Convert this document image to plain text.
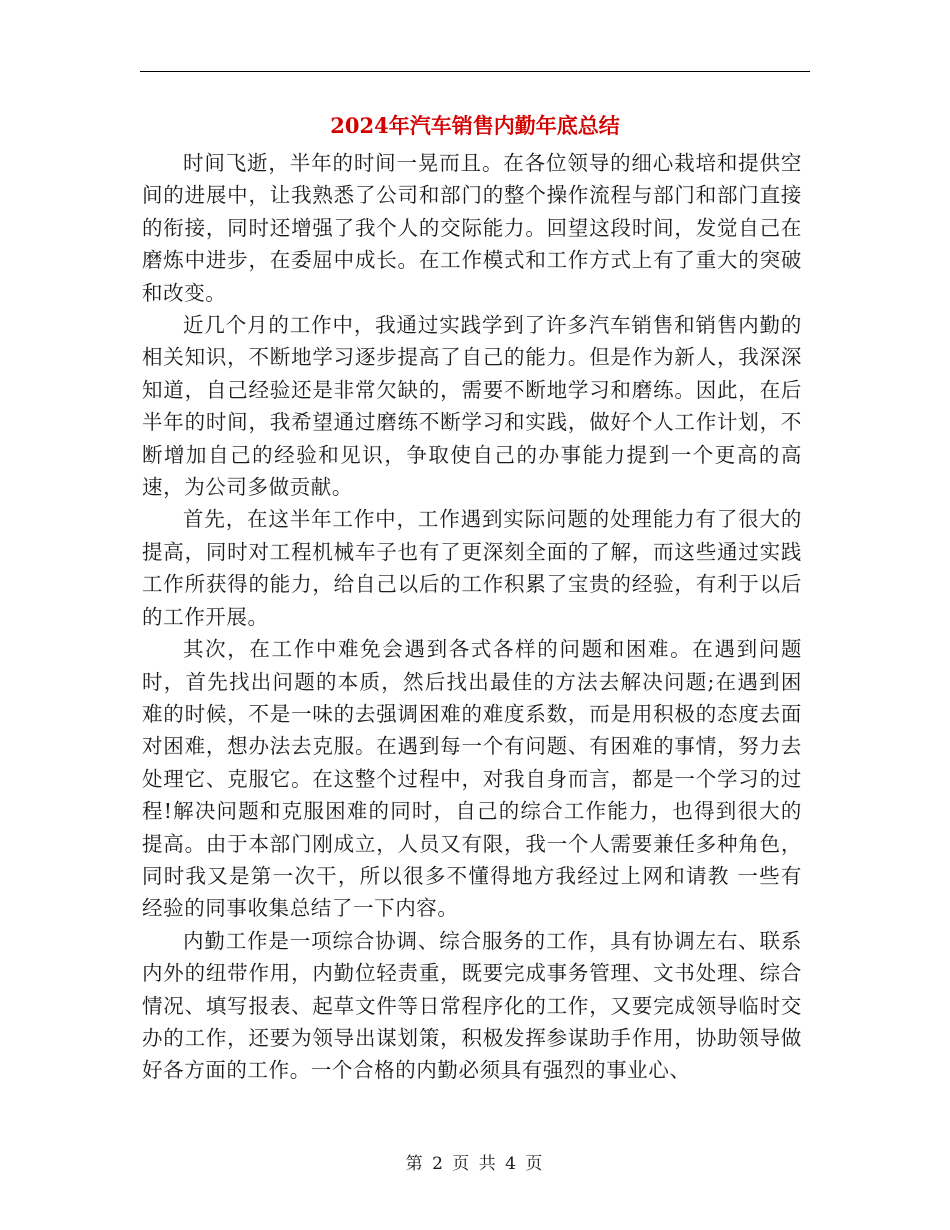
2024年汽车销售内勤年底总结

时间飞逝，半年的时间一晃而且。在各位领导的细心栽培和提供空间的进展中，让我熟悉了公司和部门的整个操作流程与部门和部门直接的衔接，同时还增强了我个人的交际能力。回望这段时间，发觉自己在磨炼中进步，在委屈中成长。在工作模式和工作方式上有了重大的突破和改变。

近几个月的工作中，我通过实践学到了许多汽车销售和销售内勤的相关知识，不断地学习逐步提高了自己的能力。但是作为新人，我深深知道，自己经验还是非常欠缺的，需要不断地学习和磨练。因此，在后半年的时间，我希望通过磨练不断学习和实践，做好个人工作计划，不断增加自己的经验和见识，争取使自己的办事能力提到一个更高的高速，为公司多做贡献。

首先，在这半年工作中，工作遇到实际问题的处理能力有了很大的提高，同时对工程机械车子也有了更深刻全面的了解，而这些通过实践工作所获得的能力，给自己以后的工作积累了宝贵的经验，有利于以后的工作开展。

其次，在工作中难免会遇到各式各样的问题和困难。在遇到问题时，首先找出问题的本质，然后找出最佳的方法去解决问题;在遇到困难的时候，不是一味的去强调困难的难度系数，而是用积极的态度去面对困难，想办法去克服。在遇到每一个有问题、有困难的事情，努力去处理它、克服它。在这整个过程中，对我自身而言，都是一个学习的过程!解决问题和克服困难的同时，自己的综合工作能力，也得到很大的提高。由于本部门刚成立，人员又有限，我一个人需要兼任多种角色，同时我又是第一次干，所以很多不懂得地方我经过上网和请教 一些有经验的同事收集总结了一下内容。

内勤工作是一项综合协调、综合服务的工作，具有协调左右、联系内外的纽带作用，内勤位轻责重，既要完成事务管理、文书处理、综合情况、填写报表、起草文件等日常程序化的工作，又要完成领导临时交办的工作，还要为领导出谋划策，积极发挥参谋助手作用，协助领导做好各方面的工作。一个合格的内勤必须具有强烈的事业心、

第 2 页 共 4 页
